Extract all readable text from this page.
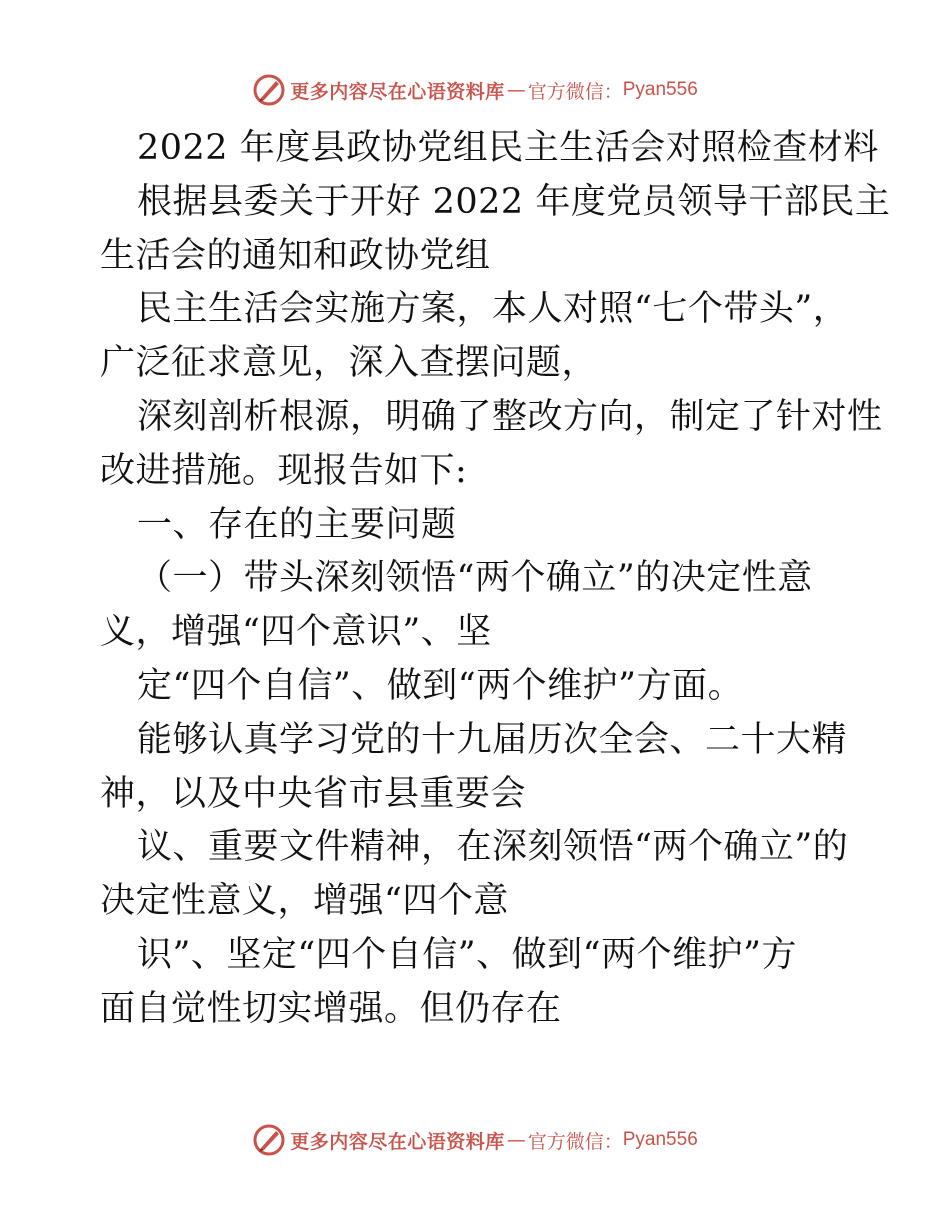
更多内容尽在心语资料库 — 官方微信： Pyan556
2022 年度县政协党组民主生活会对照检查材料
根据县委关于开好 2022 年度党员领导干部民主
生活会的通知和政协党组
民主生活会实施方案，本人对照“七个带头”，
广泛征求意见，深入查摆问题，
深刻剖析根源，明确了整改方向，制定了针对性
改进措施。现报告如下:
一、存在的主要问题
（一）带头深刻领悟“两个确立”的决定性意
义，增强“四个意识”、坚
定“四个自信”、做到“两个维护”方面。
能够认真学习党的十九届历次全会、二十大精
神，以及中央省市县重要会
议、重要文件精神，在深刻领悟“两个确立”的
决定性意义，增强“四个意
识”、坚定“四个自信”、做到“两个维护”方
面自觉性切实增强。但仍存在
更多内容尽在心语资料库 — 官方微信： Pyan556
